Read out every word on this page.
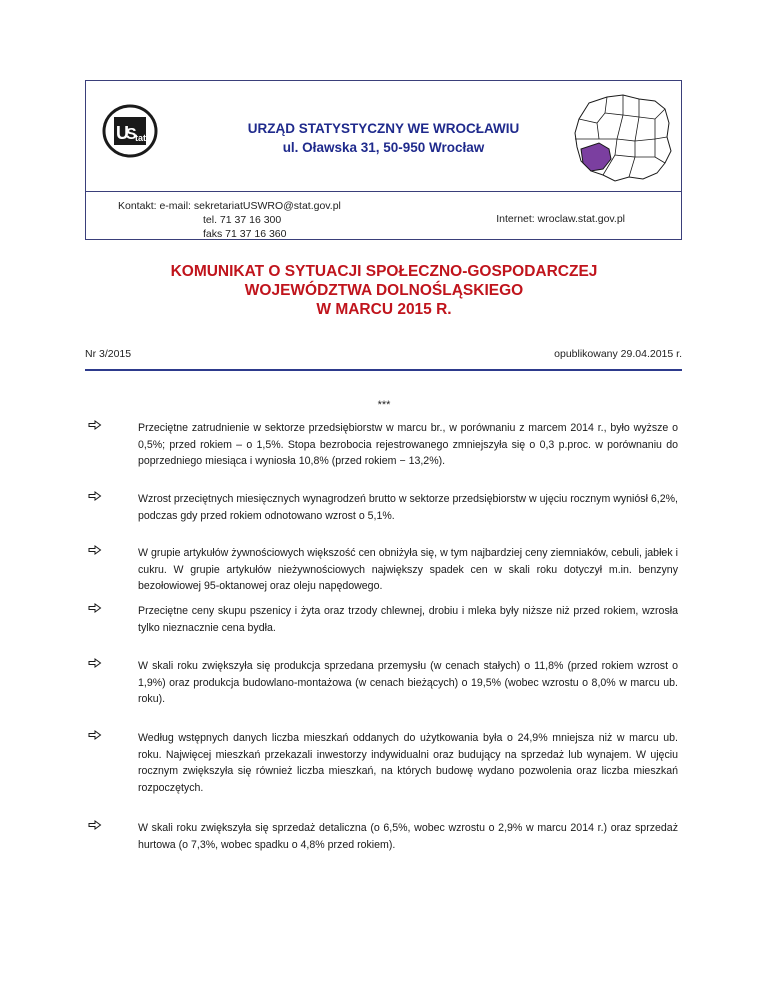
U
S
tat
URZĄD STATYSTYCZNY WE WROCŁAWIU
ul. Oławska 31, 50-950 Wrocław
Kontakt: e-mail: sekretariatUSWRO@stat.gov.pl
tel. 71 37 16 300
faks 71 37 16 360
Internet: wroclaw.stat.gov.pl
KOMUNIKAT O SYTUACJI SPOŁECZNO-GOSPODARCZEJ
WOJEWÓDZTWA DOLNOŚLĄSKIEGO
W MARCU 2015 R.
Nr 3/2015	opublikowany 29.04.2015 r.
***
Przeciętne zatrudnienie w sektorze przedsiębiorstw w marcu br., w porównaniu z marcem 2014 r., było wyższe o 0,5%; przed rokiem – o 1,5%. Stopa bezrobocia rejestrowanego zmniejszyła się o 0,3 p.proc. w porównaniu do poprzedniego miesiąca i wyniosła 10,8% (przed rokiem − 13,2%).
Wzrost przeciętnych miesięcznych wynagrodzeń brutto w sektorze przedsiębiorstw w ujęciu rocznym wyniósł 6,2%, podczas gdy przed rokiem odnotowano wzrost o 5,1%.
W grupie artykułów żywnościowych większość cen obniżyła się, w tym najbardziej ceny ziemniaków, cebuli, jabłek i cukru. W grupie artykułów nieżywnościowych największy spadek cen w skali roku dotyczył m.in. benzyny bezołowiowej 95-oktanowej oraz oleju napędowego.
Przeciętne ceny skupu pszenicy i żyta oraz trzody chlewnej, drobiu i mleka były niższe niż przed rokiem, wzrosła tylko nieznacznie cena bydła.
W skali roku zwiększyła się produkcja sprzedana przemysłu (w cenach stałych) o 11,8% (przed rokiem wzrost o 1,9%) oraz produkcja budowlano-montażowa (w cenach bieżących) o 19,5% (wobec wzrostu o 8,0% w marcu ub. roku).
Według wstępnych danych liczba mieszkań oddanych do użytkowania była o 24,9% mniejsza niż w marcu ub. roku. Najwięcej mieszkań przekazali inwestorzy indywidualni oraz budujący na sprzedaż lub wynajem. W ujęciu rocznym zwiększyła się również liczba mieszkań, na których budowę wydano pozwolenia oraz liczba mieszkań rozpoczętych.
W skali roku zwiększyła się sprzedaż detaliczna (o 6,5%, wobec wzrostu o 2,9% w marcu 2014 r.) oraz sprzedaż hurtowa (o 7,3%, wobec spadku o 4,8% przed rokiem).
